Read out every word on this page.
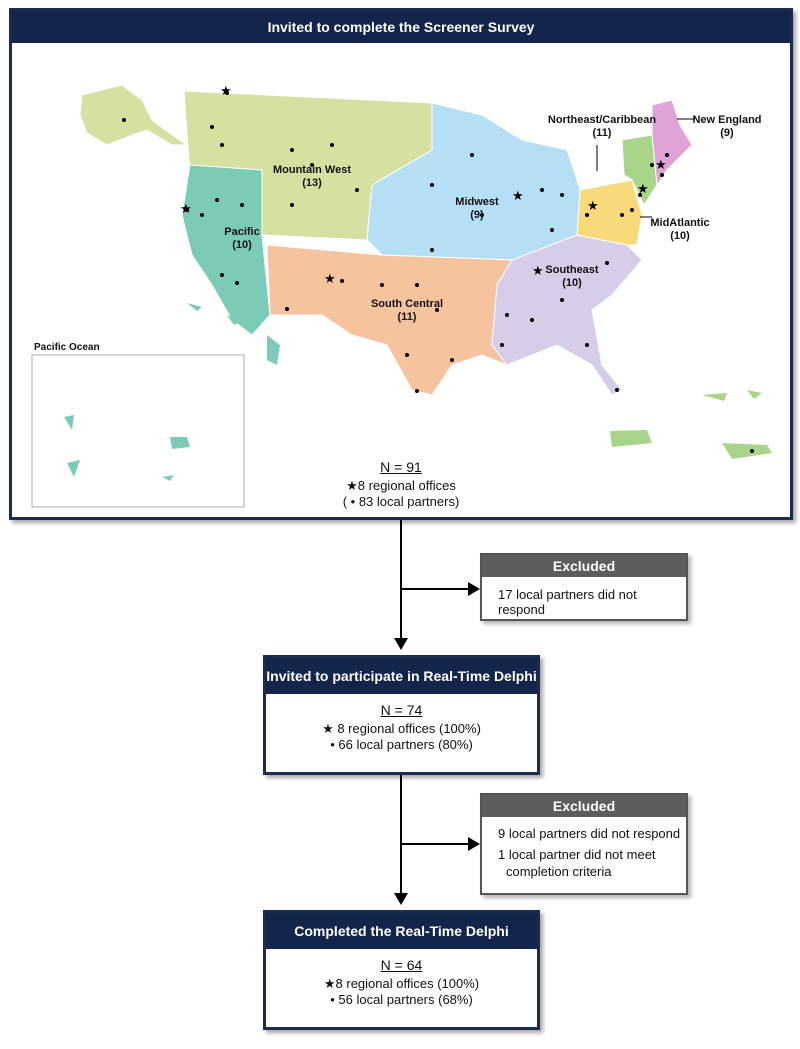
Invited to complete the Screener Survey
★
★
★
★
★
★
★
★
Mountain West (13)
Pacific (10)
Midwest (9)
South Central (11)
Southeast (10)
MidAtlantic (10)
Northeast/Caribbean (11)
New England (9)
Pacific Ocean
N = 91
★8 regional offices
( • 83 local partners)
Excluded
17 local partners did not respond
Invited to participate in Real-Time Delphi
N = 74
★ 8 regional offices (100%)
• 66 local partners (80%)
Excluded
9 local partners did not respond
1 local partner did not meet
completion criteria
Completed the Real-Time Delphi
N = 64
★8 regional offices (100%)
• 56 local partners (68%)
